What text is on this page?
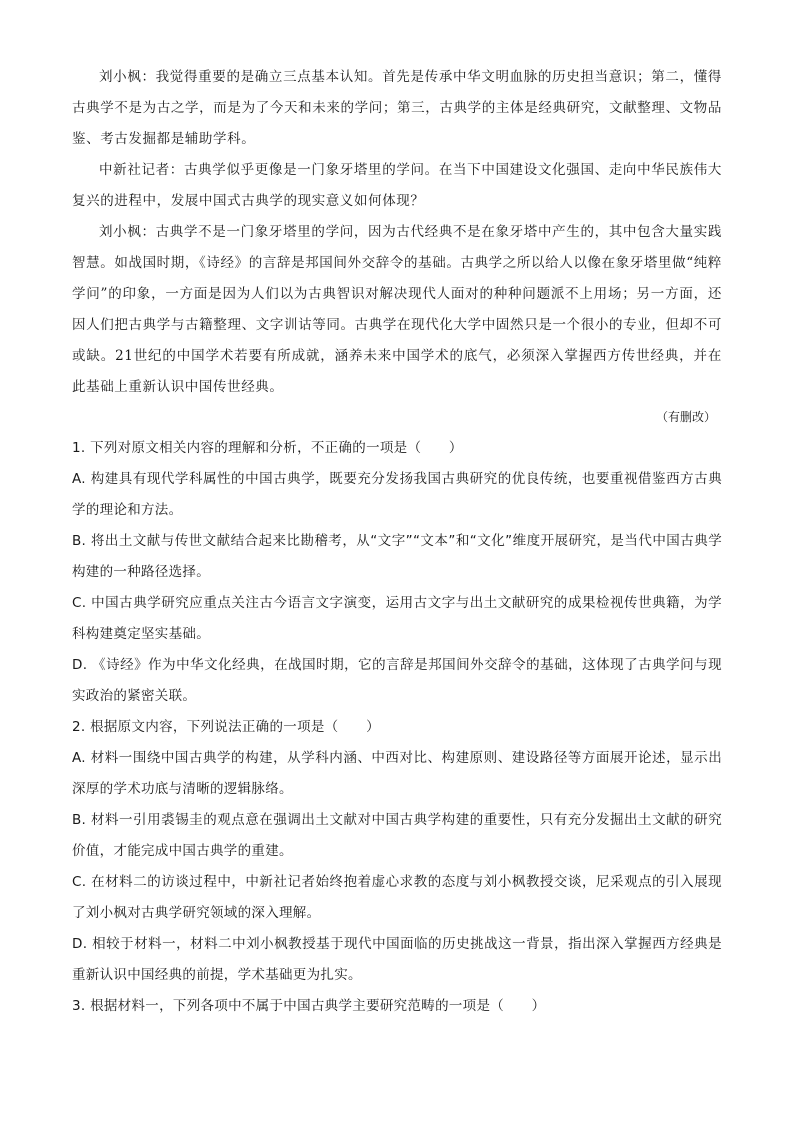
刘小枫：我觉得重要的是确立三点基本认知。首先是传承中华文明血脉的历史担当意识；第二，懂得古典学不是为古之学，而是为了今天和未来的学问；第三，古典学的主体是经典研究，文献整理、文物品鉴、考古发掘都是辅助学科。

中新社记者：古典学似乎更像是一门象牙塔里的学问。在当下中国建设文化强国、走向中华民族伟大复兴的进程中，发展中国式古典学的现实意义如何体现？

刘小枫：古典学不是一门象牙塔里的学问，因为古代经典不是在象牙塔中产生的，其中包含大量实践智慧。如战国时期，《诗经》的言辞是邦国间外交辞令的基础。古典学之所以给人以像在象牙塔里做“纯粹学问”的印象，一方面是因为人们以为古典智识对解决现代人面对的种种问题派不上用场；另一方面，还因人们把古典学与古籍整理、文字训诂等同。古典学在现代化大学中固然只是一个很小的专业，但却不可或缺。21世纪的中国学术若要有所成就，涵养未来中国学术的底气，必须深入掌握西方传世经典，并在此基础上重新认识中国传世经典。

（有删改）

1. 下列对原文相关内容的理解和分析，不正确的一项是（　　）

A. 构建具有现代学科属性的中国古典学，既要充分发扬我国古典研究的优良传统，也要重视借鉴西方古典学的理论和方法。

B. 将出土文献与传世文献结合起来比勘稽考，从“文字”“文本”和“文化”维度开展研究，是当代中国古典学构建的一种路径选择。

C. 中国古典学研究应重点关注古今语言文字演变，运用古文字与出土文献研究的成果检视传世典籍，为学科构建奠定坚实基础。

D. 《诗经》作为中华文化经典，在战国时期，它的言辞是邦国间外交辞令的基础，这体现了古典学问与现实政治的紧密关联。

2. 根据原文内容，下列说法正确的一项是（　　）

A. 材料一围绕中国古典学的构建，从学科内涵、中西对比、构建原则、建设路径等方面展开论述，显示出深厚的学术功底与清晰的逻辑脉络。

B. 材料一引用裘锡圭的观点意在强调出土文献对中国古典学构建的重要性，只有充分发掘出土文献的研究价值，才能完成中国古典学的重建。

C. 在材料二的访谈过程中，中新社记者始终抱着虚心求教的态度与刘小枫教授交谈，尼采观点的引入展现了刘小枫对古典学研究领域的深入理解。

D. 相较于材料一，材料二中刘小枫教授基于现代中国面临的历史挑战这一背景，指出深入掌握西方经典是重新认识中国经典的前提，学术基础更为扎实。

3. 根据材料一，下列各项中不属于中国古典学主要研究范畴的一项是（　　）
